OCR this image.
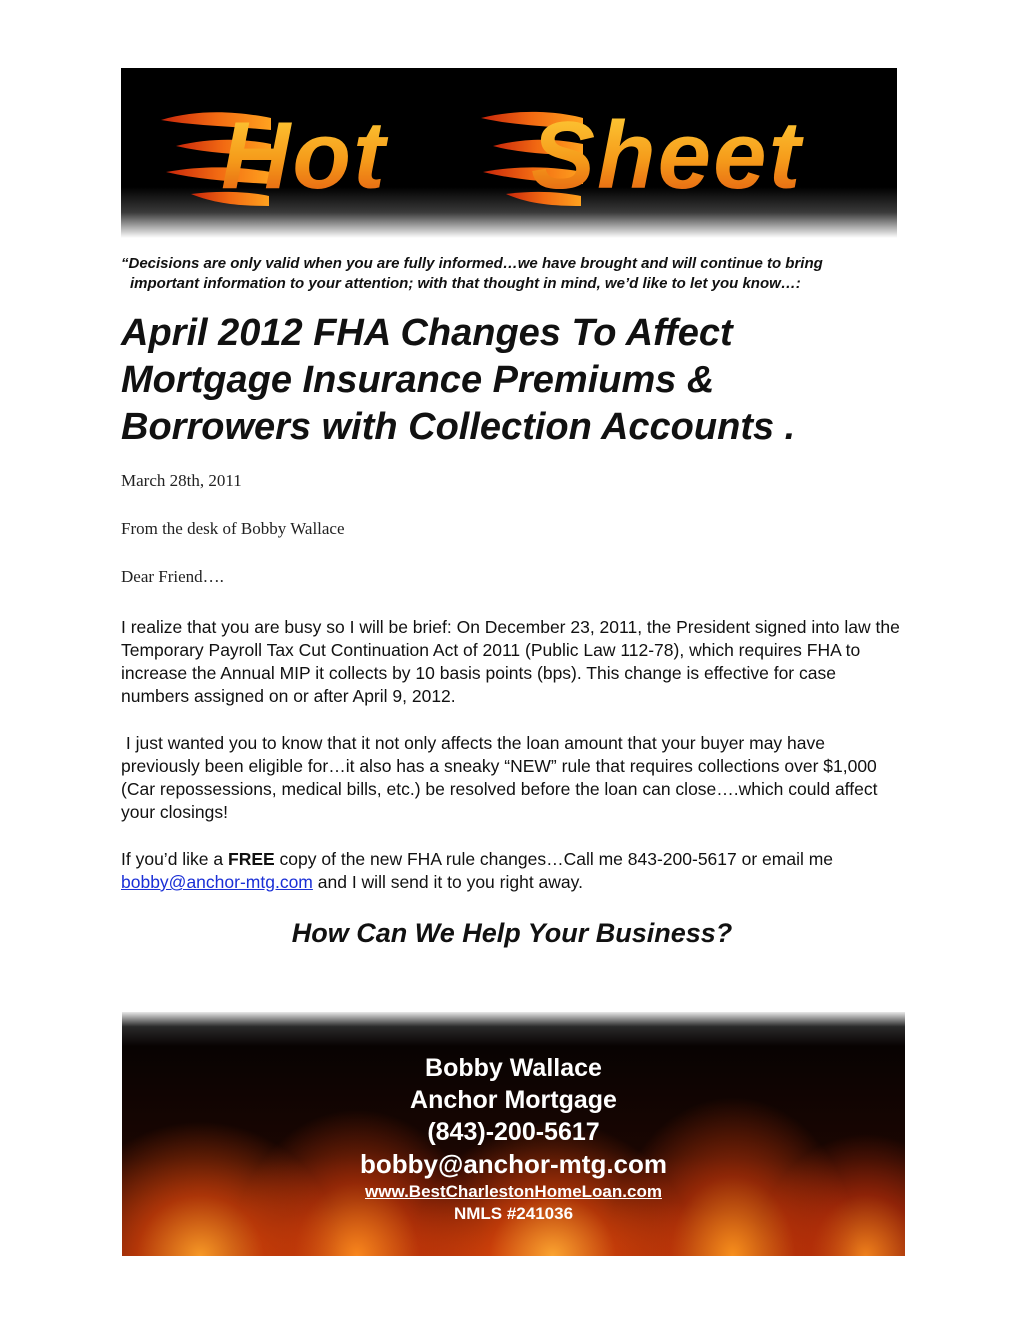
Hot Sheet
“Decisions are only valid when you are fully informed…we have brought and will continue to bring
important information to your attention; with that thought in mind, we’d like to let you know…:
April 2012 FHA Changes To Affect
Mortgage Insurance Premiums &
Borrowers with Collection Accounts .
March 28th, 2011
From the desk of Bobby Wallace
Dear Friend….
I realize that you are busy so I will be brief: On December 23, 2011, the President signed into law the Temporary Payroll Tax Cut Continuation Act of 2011 (Public Law 112-78), which requires FHA to increase the Annual MIP it collects by 10 basis points (bps). This change is effective for case numbers assigned on or after April 9, 2012.
I just wanted you to know that it not only affects the loan amount that your buyer may have previously been eligible for…it also has a sneaky “NEW” rule that requires collections over $1,000 (Car repossessions, medical bills, etc.) be resolved before the loan can close….which could affect your closings!
If you’d like a FREE copy of the new FHA rule changes…Call me 843-200-5617 or email me bobby@anchor-mtg.com and I will send it to you right away.
How Can We Help Your Business?
Bobby Wallace
Anchor Mortgage
(843)-200-5617
bobby@anchor-mtg.com
www.BestCharlestonHomeLoan.com
NMLS #241036
